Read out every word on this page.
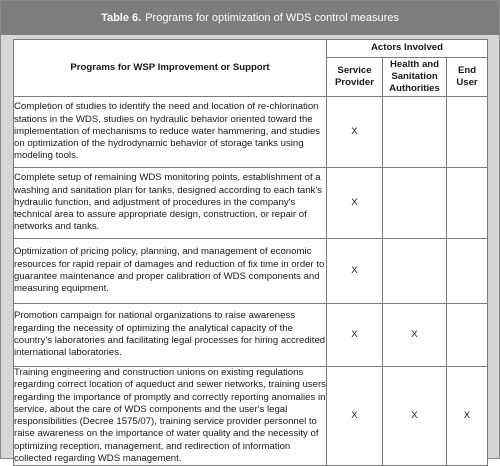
Table 6. Programs for optimization of WDS control measures
Programs for WSP Improvement or Support	Actors Involved		
	Service Provider	Health and Sanitation Authorities	End User
Completion of studies to identify the need and location of re-chlorination stations in the WDS, studies on hydraulic behavior oriented toward the implementation of mechanisms to reduce water hammering, and studies on optimization of the hydrodynamic behavior of storage tanks using modeling tools.	X		
Complete setup of remaining WDS monitoring points, establishment of a washing and sanitation plan for tanks, designed according to each tank's hydraulic function, and adjustment of procedures in the company's technical area to assure appropriate design, construction, or repair of networks and tanks.	X		
Optimization of pricing policy, planning, and management of economic resources for rapid repair of damages and reduction of fix time in order to guarantee maintenance and proper calibration of WDS components and measuring equipment.	X		
Promotion campaign for national organizations to raise awareness regarding the necessity of optimizing the analytical capacity of the country's laboratories and facilitating legal processes for hiring accredited international laboratories.	X	X	
Training engineering and construction unions on existing regulations regarding correct location of aqueduct and sewer networks, training users regarding the importance of promptly and correctly reporting anomalies in service, about the care of WDS components and the user's legal responsibilities (Decree 1575/07), training service provider personnel to raise awareness on the importance of water quality and the necessity of optimizing reception, management, and redirection of information collected regarding WDS management.	X	X	X
